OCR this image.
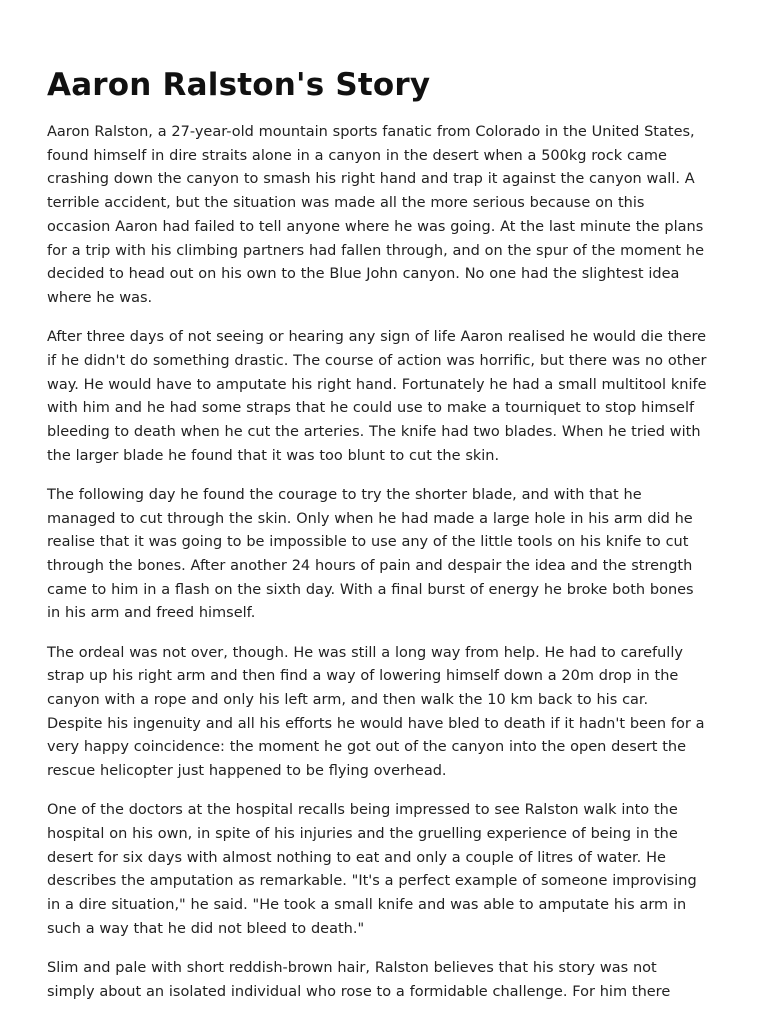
Aaron Ralston's Story

Aaron Ralston, a 27-year-old mountain sports fanatic from Colorado in the United States, found himself in dire straits alone in a canyon in the desert when a 500kg rock came crashing down the canyon to smash his right hand and trap it against the canyon wall. A terrible accident, but the situation was made all the more serious because on this occasion Aaron had failed to tell anyone where he was going. At the last minute the plans for a trip with his climbing partners had fallen through, and on the spur of the moment he decided to head out on his own to the Blue John canyon. No one had the slightest idea where he was.

After three days of not seeing or hearing any sign of life Aaron realised he would die there if he didn't do something drastic. The course of action was horrific, but there was no other way. He would have to amputate his right hand. Fortunately he had a small multitool knife with him and he had some straps that he could use to make a tourniquet to stop himself bleeding to death when he cut the arteries. The knife had two blades. When he tried with the larger blade he found that it was too blunt to cut the skin.

The following day he found the courage to try the shorter blade, and with that he managed to cut through the skin. Only when he had made a large hole in his arm did he realise that it was going to be impossible to use any of the little tools on his knife to cut through the bones. After another 24 hours of pain and despair the idea and the strength came to him in a flash on the sixth day. With a final burst of energy he broke both bones in his arm and freed himself.

The ordeal was not over, though. He was still a long way from help. He had to carefully strap up his right arm and then find a way of lowering himself down a 20m drop in the canyon with a rope and only his left arm, and then walk the 10 km back to his car. Despite his ingenuity and all his efforts he would have bled to death if it hadn't been for a very happy coincidence: the moment he got out of the canyon into the open desert the rescue helicopter just happened to be flying overhead.

One of the doctors at the hospital recalls being impressed to see Ralston walk into the hospital on his own, in spite of his injuries and the gruelling experience of being in the desert for six days with almost nothing to eat and only a couple of litres of water. He describes the amputation as remarkable. "It's a perfect example of someone improvising in a dire situation," he said. "He took a small knife and was able to amputate his arm in such a way that he did not bleed to death."

Slim and pale with short reddish-brown hair, Ralston believes that his story was not simply about an isolated individual who rose to a formidable challenge. For him there
